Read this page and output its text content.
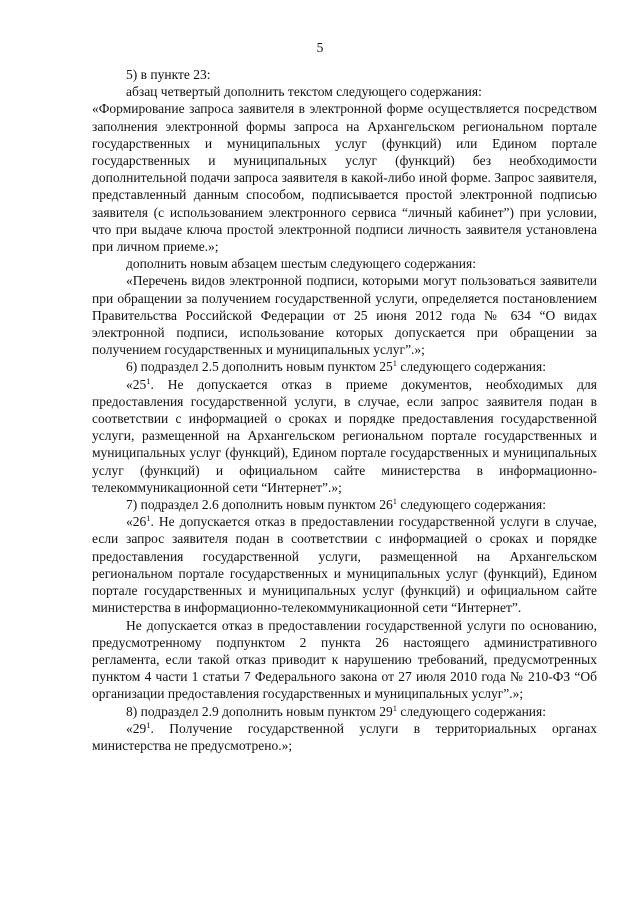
5

5) в пункте 23:

абзац четвертый дополнить текстом следующего содержания:

«Формирование запроса заявителя в электронной форме осуществляется посредством заполнения электронной формы запроса на Архангельском региональном портале государственных и муниципальных услуг (функций) или Едином портале государственных и муниципальных услуг (функций) без необходимости дополнительной подачи запроса заявителя в какой-либо иной форме. Запрос заявителя, представленный данным способом, подписывается простой электронной подписью заявителя (с использованием электронного сервиса “личный кабинет”) при условии, что при выдаче ключа простой электронной подписи личность заявителя установлена при личном приеме.»;

дополнить новым абзацем шестым следующего содержания:

«Перечень видов электронной подписи, которыми могут пользоваться заявители при обращении за получением государственной услуги, определяется постановлением Правительства Российской Федерации от 25 июня 2012 года № 634 “О видах электронной подписи, использование которых допускается при обращении за получением государственных и муниципальных услуг”.»;

6) подраздел 2.5 дополнить новым пунктом $25^1$ следующего содержания:

«$25^1$. Не допускается отказ в приеме документов, необходимых для предоставления государственной услуги, в случае, если запрос заявителя подан в соответствии с информацией о сроках и порядке предоставления государственной услуги, размещенной на Архангельском региональном портале государственных и муниципальных услуг (функций), Едином портале государственных и муниципальных услуг (функций) и официальном сайте министерства в информационно-телекоммуникационной сети “Интернет”.»;

7) подраздел 2.6 дополнить новым пунктом $26^1$ следующего содержания:

«$26^1$. Не допускается отказ в предоставлении государственной услуги в случае, если запрос заявителя подан в соответствии с информацией о сроках и порядке предоставления государственной услуги, размещенной на Архангельском региональном портале государственных и муниципальных услуг (функций), Едином портале государственных и муниципальных услуг (функций) и официальном сайте министерства в информационно-телекоммуникационной сети “Интернет”.

Не допускается отказ в предоставлении государственной услуги по основанию, предусмотренному подпунктом 2 пункта 26 настоящего административного регламента, если такой отказ приводит к нарушению требований, предусмотренных пунктом 4 части 1 статьи 7 Федерального закона от 27 июля 2010 года № 210-ФЗ “Об организации предоставления государственных и муниципальных услуг”.»;

8) подраздел 2.9 дополнить новым пунктом $29^1$ следующего содержания:

«$29^1$. Получение государственной услуги в территориальных органах министерства не предусмотрено.»;
